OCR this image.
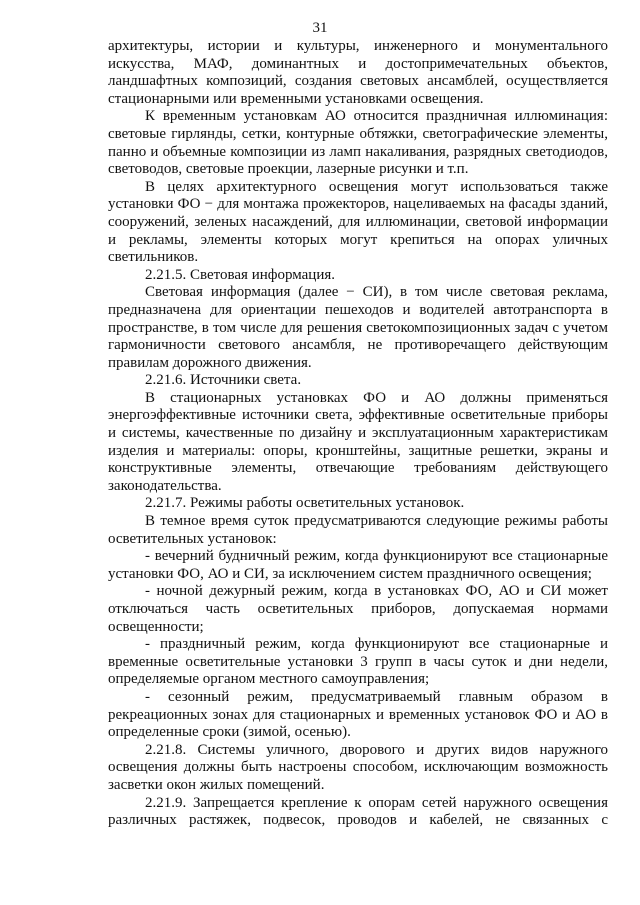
31

архитектуры, истории и культуры, инженерного и монументального искусства, МАФ, доминантных и достопримечательных объектов, ландшафтных композиций, создания световых ансамблей, осуществляется стационарными или временными установками освещения.

К временным установкам АО относится праздничная иллюминация: световые гирлянды, сетки, контурные обтяжки, светографические элементы, панно и объемные композиции из ламп накаливания, разрядных светодиодов, световодов, световые проекции, лазерные рисунки и т.п.

В целях архитектурного освещения могут использоваться также установки ФО − для монтажа прожекторов, нацеливаемых на фасады зданий, сооружений, зеленых насаждений, для иллюминации, световой информации и рекламы, элементы которых могут крепиться на опорах уличных светильников.

2.21.5. Световая информация.

Световая информация (далее − СИ), в том числе световая реклама, предназначена для ориентации пешеходов и водителей автотранспорта в пространстве, в том числе для решения светокомпозиционных задач с учетом гармоничности светового ансамбля, не противоречащего действующим правилам дорожного движения.

2.21.6. Источники света.

В стационарных установках ФО и АО должны применяться энергоэффективные источники света, эффективные осветительные приборы и системы, качественные по дизайну и эксплуатационным характеристикам изделия и материалы: опоры, кронштейны, защитные решетки, экраны и конструктивные элементы, отвечающие требованиям действующего законодательства.

2.21.7. Режимы работы осветительных установок.

В темное время суток предусматриваются следующие режимы работы осветительных установок:

- вечерний будничный режим, когда функционируют все стационарные установки ФО, АО и СИ, за исключением систем праздничного освещения;

- ночной дежурный режим, когда в установках ФО, АО и СИ может отключаться часть осветительных приборов, допускаемая нормами освещенности;

- праздничный режим, когда функционируют все стационарные и временные осветительные установки 3 групп в часы суток и дни недели, определяемые органом местного самоуправления;

- сезонный режим, предусматриваемый главным образом в рекреационных зонах для стационарных и временных установок ФО и АО в определенные сроки (зимой, осенью).

2.21.8. Системы уличного, дворового и других видов наружного освещения должны быть настроены способом, исключающим возможность засветки окон жилых помещений.

2.21.9. Запрещается крепление к опорам сетей наружного освещения различных растяжек, подвесок, проводов и кабелей, не связанных с
